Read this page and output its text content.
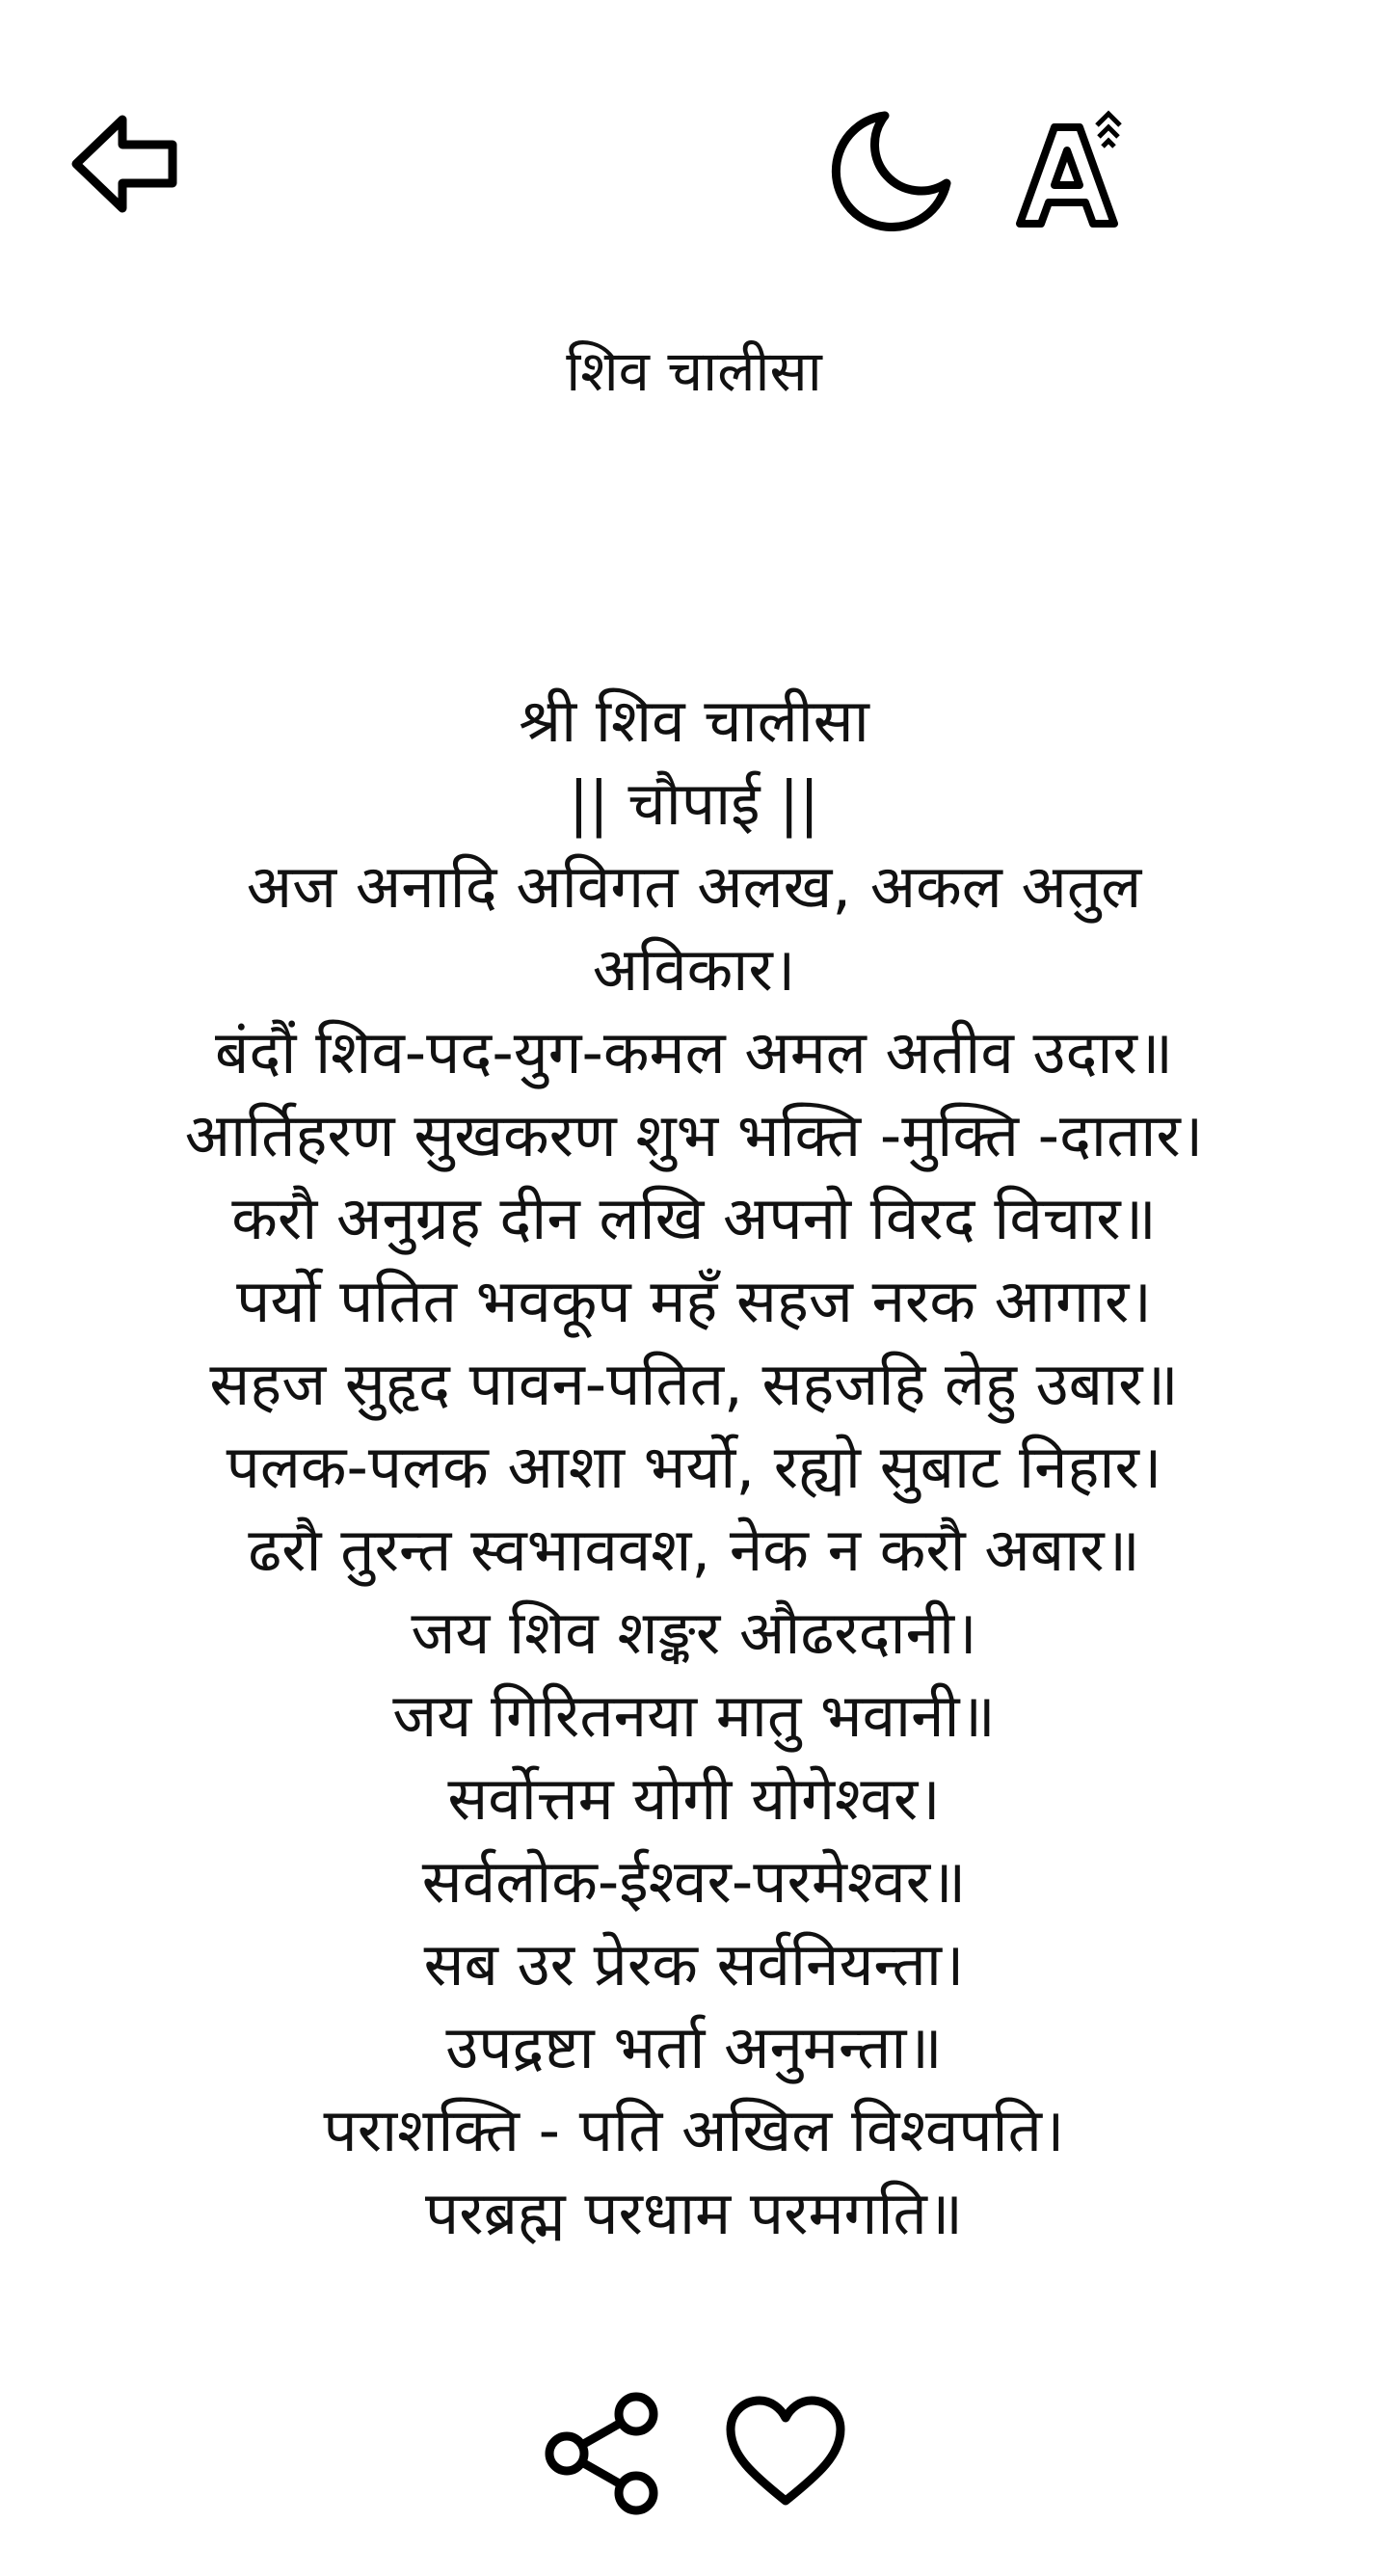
शिव चालीसा
श्री शिव चालीसा
|| चौपाई ||
अज अनादि अविगत अलख, अकल अतुल
अविकार।
बंदौं शिव-पद-युग-कमल अमल अतीव उदार॥
आर्तिहरण सुखकरण शुभ भक्ति -मुक्ति -दातार।
करौ अनुग्रह दीन लखि अपनो विरद विचार॥
पर्यो पतित भवकूप महँ सहज नरक आगार।
सहज सुहृद पावन-पतित, सहजहि लेहु उबार॥
पलक-पलक आशा भर्यो, रह्यो सुबाट निहार।
ढरौ तुरन्त स्वभाववश, नेक न करौ अबार॥
जय शिव शङ्कर औढरदानी।
जय गिरितनया मातु भवानी॥
सर्वोत्तम योगी योगेश्वर।
सर्वलोक-ईश्वर-परमेश्वर॥
सब उर प्रेरक सर्वनियन्ता।
उपद्रष्टा भर्ता अनुमन्ता॥
पराशक्ति - पति अखिल विश्वपति।
परब्रह्म परधाम परमगति॥
